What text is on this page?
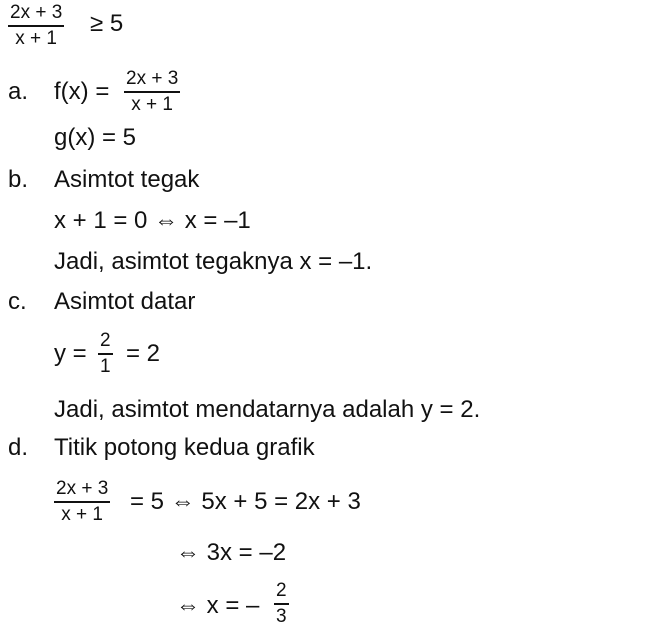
2x + 3
x + 1
≥ 5
a. f(x) = 2x + 3
x + 1
g(x) = 5
b. Asimtot tegak
x + 1 = 0 ⇔ x = –1
Jadi, asimtot tegaknya x = –1.
c. Asimtot datar
y = 2
1 = 2
Jadi, asimtot mendatarnya adalah y = 2.
d. Titik potong kedua grafik
2x + 3
x + 1 = 5 ⇔ 5x + 5 = 2x + 3
⇔ 3x = –2
⇔ x = –
2
3
